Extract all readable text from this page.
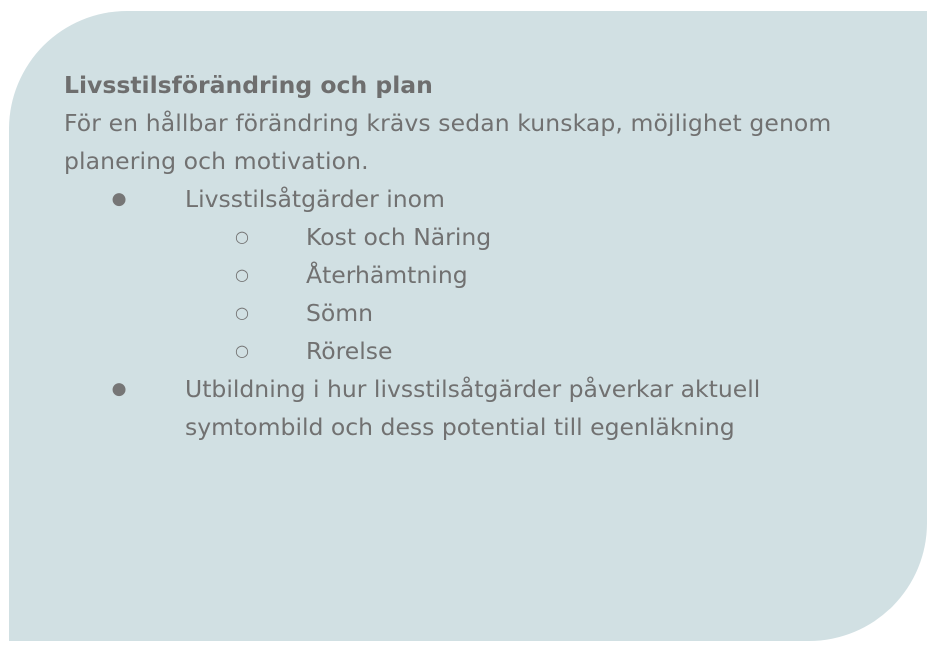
Livsstilsförändring och plan

För en hållbar förändring krävs sedan kunskap, möjlighet genom planering och motivation.

● Livsstilsåtgärder inom
○ Kost och Näring
○ Återhämtning
○ Sömn
○ Rörelse
● Utbildning i hur livsstilsåtgärder påverkar aktuell symtombild och dess potential till egenläkning
